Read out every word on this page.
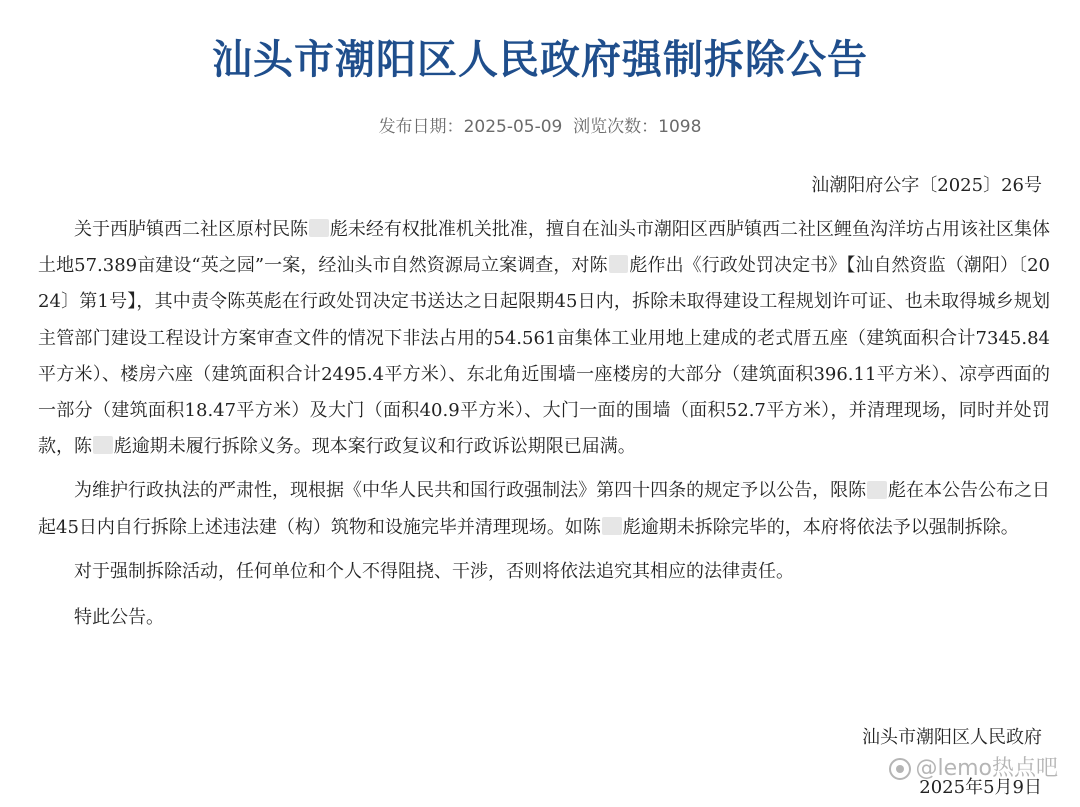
汕头市潮阳区人民政府强制拆除公告
发布日期：2025-05-09 浏览次数：1098
汕潮阳府公字〔2025〕26号

关于西胪镇西二社区原村民陈 彪未经有权批准机关批准，擅自在汕头市潮阳区西胪镇西二社区鲤鱼沟洋坊占用该社区集体土地57.389亩建设“英之园”一案，经汕头市自然资源局立案调查，对陈 彪作出《行政处罚决定书》【汕自然资监（潮阳）〔2024〕第1号】，其中责令陈英彪在行政处罚决定书送达之日起限期45日内，拆除未取得建设工程规划许可证、也未取得城乡规划主管部门建设工程设计方案审查文件的情况下非法占用的54.561亩集体工业用地上建成的老式厝五座（建筑面积合计7345.84平方米）、楼房六座（建筑面积合计2495.4平方米）、东北角近围墙一座楼房的大部分（建筑面积396.11平方米）、凉亭西面的一部分（建筑面积18.47平方米）及大门（面积40.9平方米）、大门一面的围墙（面积52.7平方米），并清理现场，同时并处罚款，陈 彪逾期未履行拆除义务。现本案行政复议和行政诉讼期限已届满。

为维护行政执法的严肃性，现根据《中华人民共和国行政强制法》第四十四条的规定予以公告，限陈 彪在本公告公布之日起45日内自行拆除上述违法建（构）筑物和设施完毕并清理现场。如陈 彪逾期未拆除完毕的，本府将依法予以强制拆除。

对于强制拆除活动，任何单位和个人不得阻挠、干涉，否则将依法追究其相应的法律责任。

特此公告。

汕头市潮阳区人民政府
@lemo热点吧
2025年5月9日
